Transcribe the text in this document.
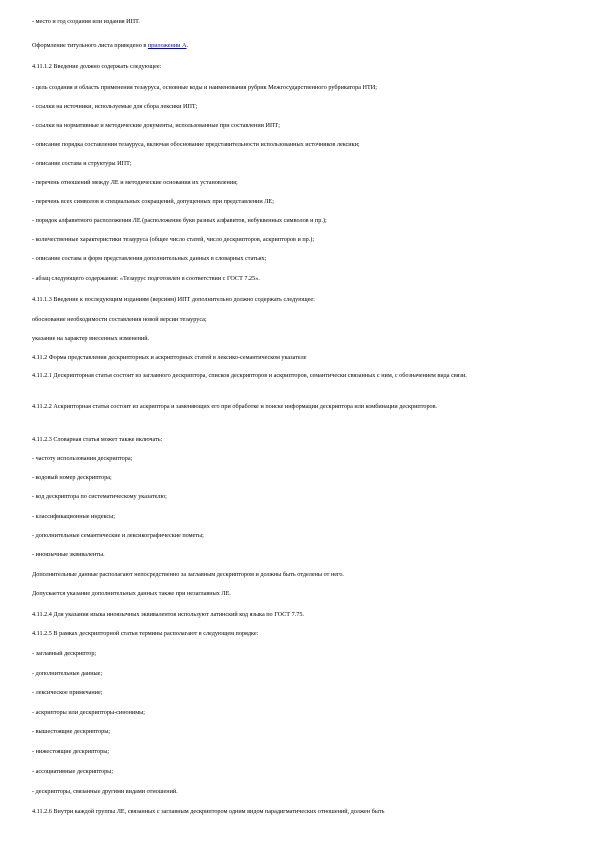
- место и год создания или издания ИПТ.
Оформление титульного листа приведено в приложении А.
4.11.1.2 Введение должно содержать следующее:
- цель создания и область применения тезауруса, основные коды и наименования рубрик Межгосударственного рубрикатора НТИ;
- ссылки на источники, используемые для сбора лексики ИПТ;
- ссылки на нормативные и методические документы, использованные при составлении ИПТ;
- описание порядка составления тезауруса, включая обоснование представительности использованных источников лексики;
- описание состава и структуры ИПТ;
- перечень отношений между ЛЕ и методические основания их установления;
- перечень всех символов и специальных сокращений, допущенных при представлении ЛЕ;
- порядок алфавитного расположения ЛЕ (расположение букв разных алфавитов, небуквенных символов и пр.);
- количественные характеристики тезауруса (общее число статей, число дескрипторов, аскрипторов и пр.);
- описание состава и форм представления дополнительных данных в словарных статьях;
- абзац следующего содержания: «Тезаурус подготовлен в соответствии с ГОСТ 7.25».
4.11.1.3 Введение к последующим изданиям (версиям) ИПТ дополнительно должно содержать следующее:
обоснование необходимости составления новой версии тезауруса;
указание на характер внесенных изменений.
4.11.2 Форма представления дескрипторных и аскрипторных статей в лексико-семантическом указателе
4.11.2.1 Дескрипторная статья состоит из заглавного дескриптора, списков дескрипторов и аскрипторов, семантически связанных с ним, с обозначением вида связи.
4.11.2.2 Аскрипторная статья состоит из аскриптора и заменяющих его при обработке и поиске информации дескриптора или комбинации дескрипторов.
4.11.2.3 Словарная статья может также включать:
- частоту использования дескриптора;
- кодовый номер дескриптора;
- код дескриптора по систематическому указателю;
- классификационные индексы;
- дополнительные семантические и лексикографические пометы;
- иноязычные эквиваленты.
Дополнительные данные располагают непосредственно за заглавным дескриптором и должны быть отделены от него.
Допускается указание дополнительных данных также при незаглавных ЛЕ.
4.11.2.4 Для указания языка иноязычных эквивалентов используют латинский код языка по ГОСТ 7.75.
4.11.2.5 В рамках дескрипторной статьи термины располагают в следующем порядке:
- заглавный дескриптор;
- дополнительные данные;
- лексическое примечание;
- аскрипторы или дескрипторы-синонимы;
- вышестоящие дескрипторы;
- нижестоящие дескрипторы;
- ассоциативные дескрипторы;
- дескрипторы, связанные другими видами отношений.
4.11.2.6 Внутри каждой группы ЛЕ, связанных с заглавным дескриптором одним видом парадигматических отношений, должен быть
